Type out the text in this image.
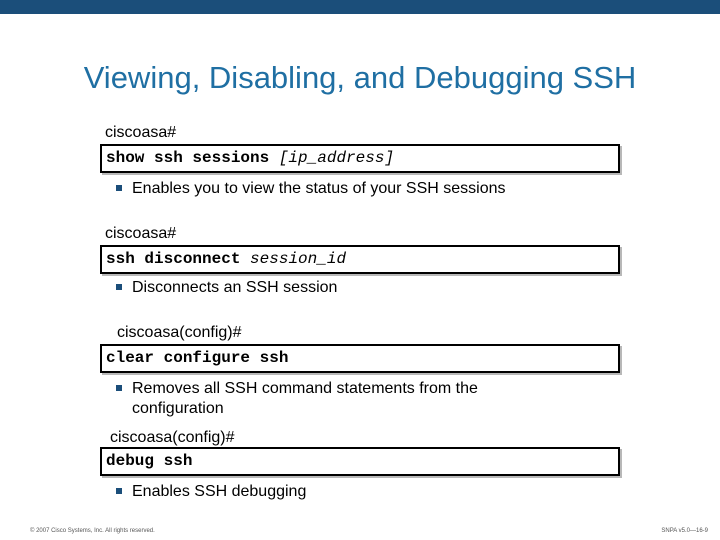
Viewing, Disabling, and Debugging SSH
ciscoasa#
show ssh sessions [ip_address]
Enables you to view the status of your SSH sessions
ciscoasa#
ssh disconnect session_id
Disconnects an SSH session
ciscoasa(config)#
clear configure ssh
Removes all SSH command statements from the
configuration
ciscoasa(config)#
debug ssh
Enables SSH debugging
© 2007 Cisco Systems, Inc. All rights reserved.	SNPA v5.0—16-9
